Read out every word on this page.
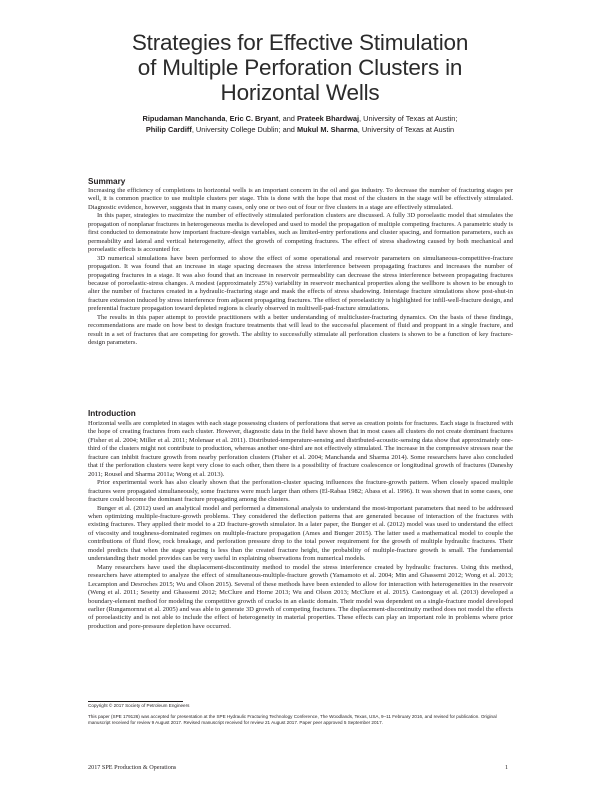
Strategies for Effective Stimulation
of Multiple Perforation Clusters in
Horizontal Wells
Ripudaman Manchanda, Eric C. Bryant, and Prateek Bhardwaj, University of Texas at Austin;
Philip Cardiff, University College Dublin; and Mukul M. Sharma, University of Texas at Austin
Summary

Increasing the efficiency of completions in horizontal wells is an important concern in the oil and gas industry. To decrease the number of fracturing stages per well, it is common practice to use multiple clusters per stage. This is done with the hope that most of the clusters in the stage will be effectively stimulated. Diagnostic evidence, however, suggests that in many cases, only one or two out of four or five clusters in a stage are effectively stimulated.

In this paper, strategies to maximize the number of effectively stimulated perforation clusters are discussed. A fully 3D poroelastic model that simulates the propagation of nonplanar fractures in heterogeneous media is developed and used to model the propagation of multiple competing fractures. A parametric study is first conducted to demonstrate how important fracture-design variables, such as limited-entry perforations and cluster spacing, and formation parameters, such as permeability and lateral and vertical heterogeneity, affect the growth of competing fractures. The effect of stress shadowing caused by both mechanical and poroelastic effects is accounted for.

3D numerical simulations have been performed to show the effect of some operational and reservoir parameters on simultaneous-competitive-fracture propagation. It was found that an increase in stage spacing decreases the stress interference between propagating fractures and increases the number of propagating fractures in a stage. It was also found that an increase in reservoir permeability can decrease the stress interference between propagating fractures because of poroelastic-stress changes. A modest (approximately 25%) variability in reservoir mechanical properties along the wellbore is shown to be enough to alter the number of fractures created in a hydraulic-fracturing stage and mask the effects of stress shadowing. Interstage fracture simulations show post-shut-in fracture extension induced by stress interference from adjacent propagating fractures. The effect of poroelasticity is highlighted for infill-well-fracture design, and preferential fracture propagation toward depleted regions is clearly observed in multiwell-pad-fracture simulations.

The results in this paper attempt to provide practitioners with a better understanding of multicluster-fracturing dynamics. On the basis of these findings, recommendations are made on how best to design fracture treatments that will lead to the successful placement of fluid and proppant in a single fracture, and result in a set of fractures that are competing for growth. The ability to successfully stimulate all perforation clusters is shown to be a function of key fracture-design parameters.

Introduction

Horizontal wells are completed in stages with each stage possessing clusters of perforations that serve as creation points for fractures. Each stage is fractured with the hope of creating fractures from each cluster. However, diagnostic data in the field have shown that in most cases all clusters do not create dominant fractures (Fisher et al. 2004; Miller et al. 2011; Molenaar et al. 2011). Distributed-temperature-sensing and distributed-acoustic-sensing data show that approximately one-third of the clusters might not contribute to production, whereas another one-third are not effectively stimulated. The increase in the compressive stresses near the fracture can inhibit fracture growth from nearby perforation clusters (Fisher et al. 2004; Manchanda and Sharma 2014). Some researchers have also concluded that if the perforation clusters were kept very close to each other, then there is a possibility of fracture coalescence or longitudinal growth of fractures (Daneshy 2011; Rousel and Sharma 2011a; Wong et al. 2013).

Prior experimental work has also clearly shown that the perforation-cluster spacing influences the fracture-growth pattern. When closely spaced multiple fractures were propagated simultaneously, some fractures were much larger than others (El-Rabaa 1982; Abass et al. 1996). It was shown that in some cases, one fracture could become the dominant fracture propagating among the clusters.

Bunger et al. (2012) used an analytical model and performed a dimensional analysis to understand the most-important parameters that need to be addressed when optimizing multiple-fracture-growth problems. They considered the deflection patterns that are generated because of interaction of the fractures with existing fractures. They applied their model to a 2D fracture-growth simulator. In a later paper, the Bunger et al. (2012) model was used to understand the effect of viscosity and toughness-dominated regimes on multiple-fracture propagation (Ames and Bunger 2015). The latter used a mathematical model to couple the contributions of fluid flow, rock breakage, and perforation pressure drop to the total power requirement for the growth of multiple hydraulic fractures. Their model predicts that when the stage spacing is less than the created fracture height, the probability of multiple-fracture growth is small. The fundamental understanding their model provides can be very useful in explaining observations from numerical models.

Many researchers have used the displacement-discontinuity method to model the stress interference created by hydraulic fractures. Using this method, researchers have attempted to analyze the effect of simultaneous-multiple-fracture growth (Yamamoto et al. 2004; Min and Ghassemi 2012; Wong et al. 2013; Lecampion and Desroches 2015; Wu and Olson 2015). Several of these methods have been extended to allow for interaction with heterogeneities in the reservoir (Weng et al. 2011; Sesetty and Ghassemi 2012; McClure and Horne 2013; Wu and Olson 2013; McClure et al. 2015). Castonguay et al. (2013) developed a boundary-element method for modeling the competitive growth of cracks in an elastic domain. Their model was dependent on a single-fracture model developed earlier (Rungamornrat et al. 2005) and was able to generate 3D growth of competing fractures. The displacement-discontinuity method does not model the effects of poroelasticity and is not able to include the effect of heterogeneity in material properties. These effects can play an important role in problems where prior production and pore-pressure depletion have occurred.

Copyright © 2017 Society of Petroleum Engineers
This paper (SPE 179126) was accepted for presentation at the SPE Hydraulic Fracturing Technology Conference, The Woodlands, Texas, USA, 9–11 February 2016, and revised for publication. Original manuscript received for review 9 August 2017. Revised manuscript received for review 21 August 2017. Paper peer approved 5 September 2017.
2017 SPE Production & Operations	1
